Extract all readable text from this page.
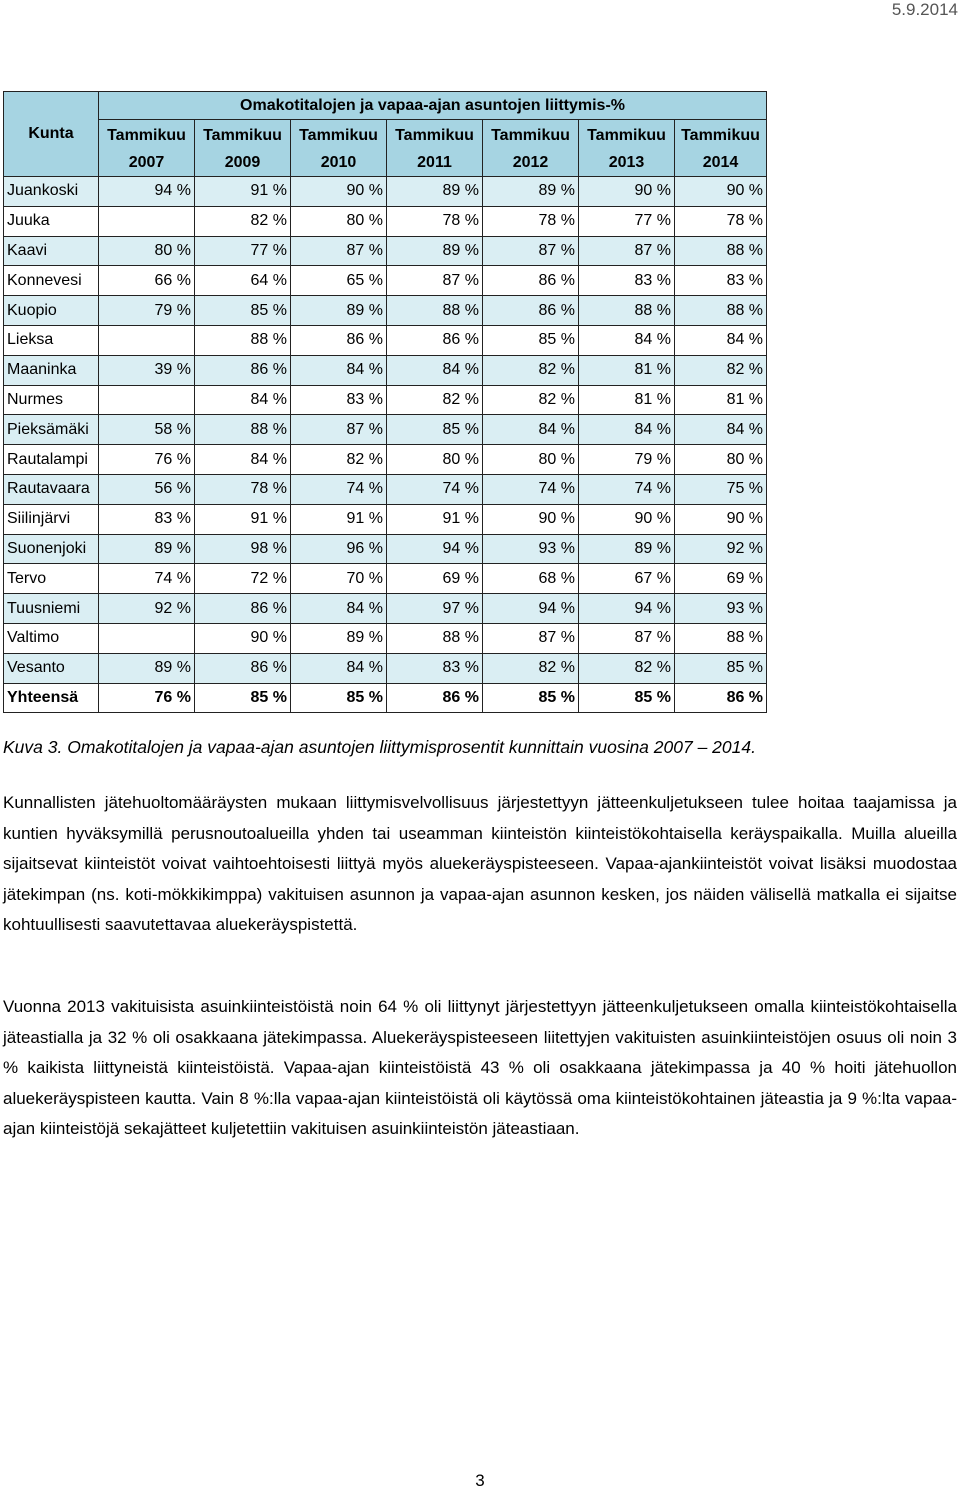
5.9.2014
Kunta	Omakotitalojen ja vapaa-ajan asuntojen liittymis-%						
	Tammikuu	Tammikuu	Tammikuu	Tammikuu	Tammikuu	Tammikuu	Tammikuu
	2007	2009	2010	2011	2012	2013	2014
Juankoski	94 %	91 %	90 %	89 %	89 %	90 %	90 %
Juuka		82 %	80 %	78 %	78 %	77 %	78 %
Kaavi	80 %	77 %	87 %	89 %	87 %	87 %	88 %
Konnevesi	66 %	64 %	65 %	87 %	86 %	83 %	83 %
Kuopio	79 %	85 %	89 %	88 %	86 %	88 %	88 %
Lieksa		88 %	86 %	86 %	85 %	84 %	84 %
Maaninka	39 %	86 %	84 %	84 %	82 %	81 %	82 %
Nurmes		84 %	83 %	82 %	82 %	81 %	81 %
Pieksämäki	58 %	88 %	87 %	85 %	84 %	84 %	84 %
Rautalampi	76 %	84 %	82 %	80 %	80 %	79 %	80 %
Rautavaara	56 %	78 %	74 %	74 %	74 %	74 %	75 %
Siilinjärvi	83 %	91 %	91 %	91 %	90 %	90 %	90 %
Suonenjoki	89 %	98 %	96 %	94 %	93 %	89 %	92 %
Tervo	74 %	72 %	70 %	69 %	68 %	67 %	69 %
Tuusniemi	92 %	86 %	84 %	97 %	94 %	94 %	93 %
Valtimo		90 %	89 %	88 %	87 %	87 %	88 %
Vesanto	89 %	86 %	84 %	83 %	82 %	82 %	85 %
Yhteensä	76 %	85 %	85 %	86 %	85 %	85 %	86 %
Kuva 3. Omakotitalojen ja vapaa-ajan asuntojen liittymisprosentit kunnittain vuosina 2007 – 2014.

Kunnallisten jätehuoltomääräysten mukaan liittymisvelvollisuus järjestettyyn jätteenkuljetukseen tulee hoitaa taajamissa ja kuntien hyväksymillä perusnoutoalueilla yhden tai useamman kiinteistön kiinteistökohtaisella keräyspaikalla. Muilla alueilla sijaitsevat kiinteistöt voivat vaihtoehtoisesti liittyä myös aluekeräyspisteeseen. Vapaa-ajankiinteistöt voivat lisäksi muodostaa jätekimpan (ns. koti-mökkikimppa) vakituisen asunnon ja vapaa-ajan asunnon kesken, jos näiden välisellä matkalla ei sijaitse kohtuullisesti saavutettavaa aluekeräyspistettä.

Vuonna 2013 vakituisista asuinkiinteistöistä noin 64 % oli liittynyt järjestettyyn jätteenkuljetukseen omalla kiinteistökohtaisella jäteastialla ja 32 % oli osakkaana jätekimpassa. Aluekeräyspisteeseen liitettyjen vakituisten asuinkiinteistöjen osuus oli noin 3 % kaikista liittyneistä kiinteistöistä. Vapaa-ajan kiinteistöistä 43 % oli osakkaana jätekimpassa ja 40 % hoiti jätehuollon aluekeräyspisteen kautta. Vain 8 %:lla vapaa-ajan kiinteistöistä oli käytössä oma kiinteistökohtainen jäteastia ja 9 %:lta vapaa-ajan kiinteistöjä sekajätteet kuljetettiin vakituisen asuinkiinteistön jäteastiaan.

3
